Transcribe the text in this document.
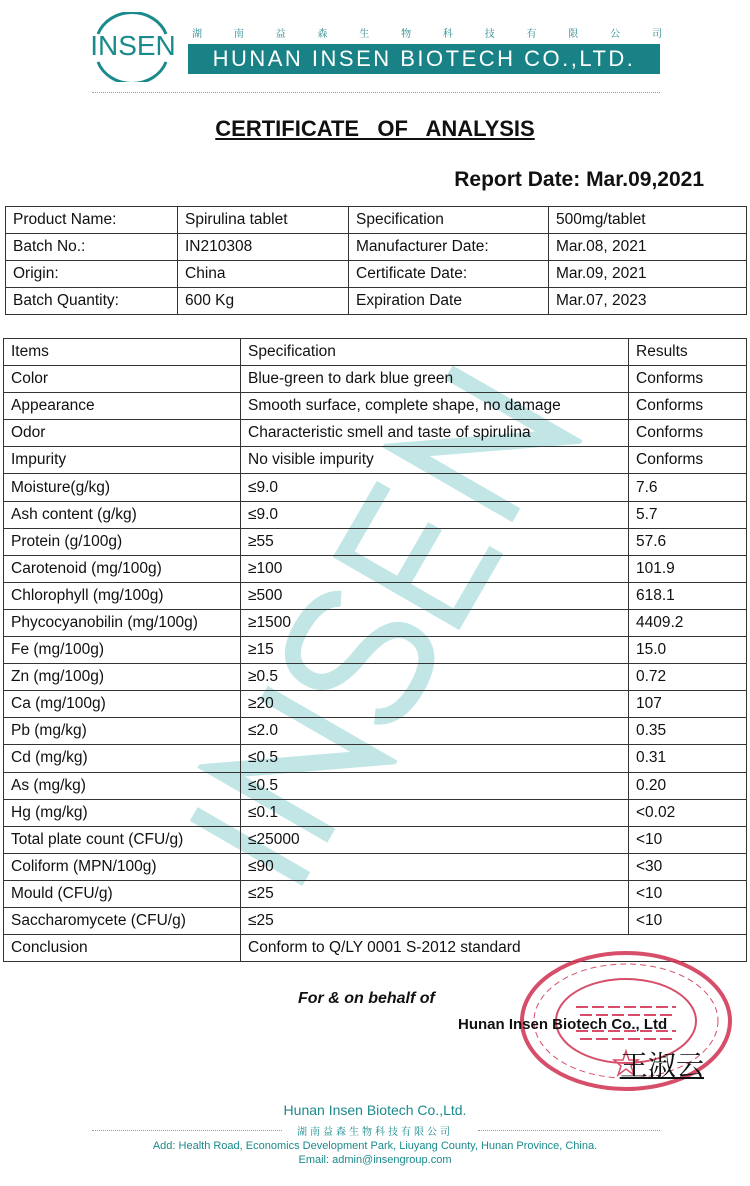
INSEN 湖	南	益	森	生	物	科	技	有	限	公	司
HUNAN INSEN BIOTECH CO.,LTD.
CERTIFICATE   OF   ANALYSIS
Report Date: Mar.09,2021
Product Name:	Spirulina tablet	Specification	500mg/tablet
Batch No.:	IN210308	Manufacturer Date:	Mar.08, 2021
Origin:	China	Certificate Date:	Mar.09, 2021
Batch Quantity:	600 Kg	Expiration Date	Mar.07, 2023
Items	Specification	Results
Color	Blue-green to dark blue green	Conforms
Appearance	Smooth surface, complete shape, no damage	Conforms
Odor	Characteristic smell and taste of spirulina	Conforms
Impurity	No visible impurity	Conforms
Moisture(g/kg)	≤9.0	7.6
Ash content (g/kg)	≤9.0	5.7
Protein (g/100g)	≥55	57.6
Carotenoid (mg/100g)	≥100	101.9
Chlorophyll (mg/100g)	≥500	618.1
Phycocyanobilin (mg/100g)	≥1500	4409.2
Fe (mg/100g)	≥15	15.0
Zn (mg/100g)	≥0.5	0.72
Ca (mg/100g)	≥20	107
Pb (mg/kg)	≤2.0	0.35
Cd (mg/kg)	≤0.5	0.31
As (mg/kg)	≤0.5	0.20
Hg (mg/kg)	≤0.1	<0.02
Total plate count (CFU/g)	≤25000	<10
Coliform (MPN/100g)	≤90	<30
Mould (CFU/g)	≤25	<10
Saccharomycete (CFU/g)	≤25	<10
Conclusion	Conform to Q/LY 0001 S-2012 standard	
For & on behalf of
Hunan Insen Biotech Co., Ltd
王淑云
Hunan Insen Biotech Co.,Ltd.
湖南益森生物科技有限公司
Add: Health Road, Economics Development Park, Liuyang County, Hunan Province, China.
Email: admin@insengroup.com
